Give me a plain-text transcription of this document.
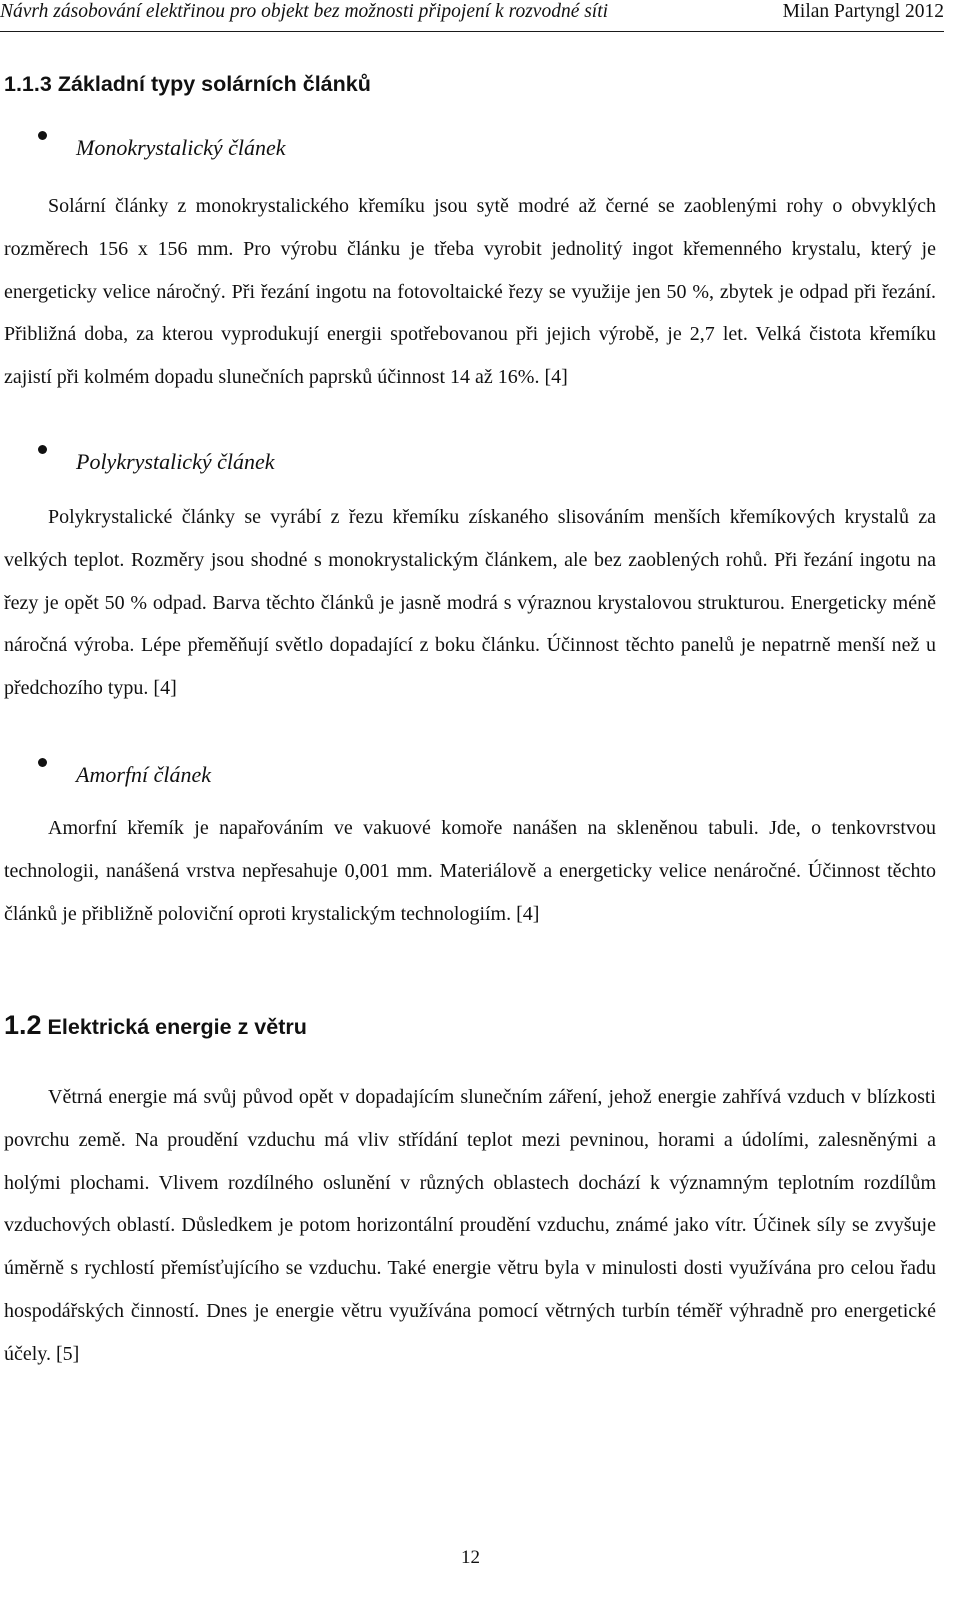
Návrh zásobování elektřinou pro objekt bez možnosti připojení k rozvodné síti	Milan Partyngl 2012
1.1.3 Základní typy solárních článků
Monokrystalický článek

Solární články z monokrystalického křemíku jsou sytě modré až černé se zaoblenými rohy o obvyklých rozměrech 156 x 156 mm. Pro výrobu článku je třeba vyrobit jednolitý ingot křemenného krystalu, který je energeticky velice náročný. Při řezání ingotu na fotovoltaické řezy se využije jen 50 %, zbytek je odpad při řezání. Přibližná doba, za kterou vyprodukují energii spotřebovanou při jejich výrobě, je 2,7 let. Velká čistota křemíku zajistí při kolmém dopadu slunečních paprsků účinnost 14 až 16%. [4]

Polykrystalický článek

Polykrystalické články se vyrábí z řezu křemíku získaného slisováním menších křemíkových krystalů za velkých teplot. Rozměry jsou shodné s monokrystalickým článkem, ale bez zaoblených rohů. Při řezání ingotu na řezy je opět 50 % odpad. Barva těchto článků je jasně modrá s výraznou krystalovou strukturou. Energeticky méně náročná výroba. Lépe přeměňují světlo dopadající z boku článku. Účinnost těchto panelů je nepatrně menší než u předchozího typu. [4]

Amorfní článek

Amorfní křemík je napařováním ve vakuové komoře nanášen na skleněnou tabuli. Jde, o tenkovrstvou technologii, nanášená vrstva nepřesahuje 0,001 mm. Materiálově a energeticky velice nenáročné. Účinnost těchto článků je přibližně poloviční oproti krystalickým technologiím. [4]

1.2 Elektrická energie z větru

Větrná energie má svůj původ opět v dopadajícím slunečním záření, jehož energie zahřívá vzduch v blízkosti povrchu země. Na proudění vzduchu má vliv střídání teplot mezi pevninou, horami a údolími, zalesněnými a holými plochami. Vlivem rozdílného oslunění v různých oblastech dochází k významným teplotním rozdílům vzduchových oblastí. Důsledkem je potom horizontální proudění vzduchu, známé jako vítr. Účinek síly se zvyšuje úměrně s rychlostí přemísťujícího se vzduchu. Také energie větru byla v minulosti dosti využívána pro celou řadu hospodářských činností. Dnes je energie větru využívána pomocí větrných turbín téměř výhradně pro energetické účely. [5]

12
